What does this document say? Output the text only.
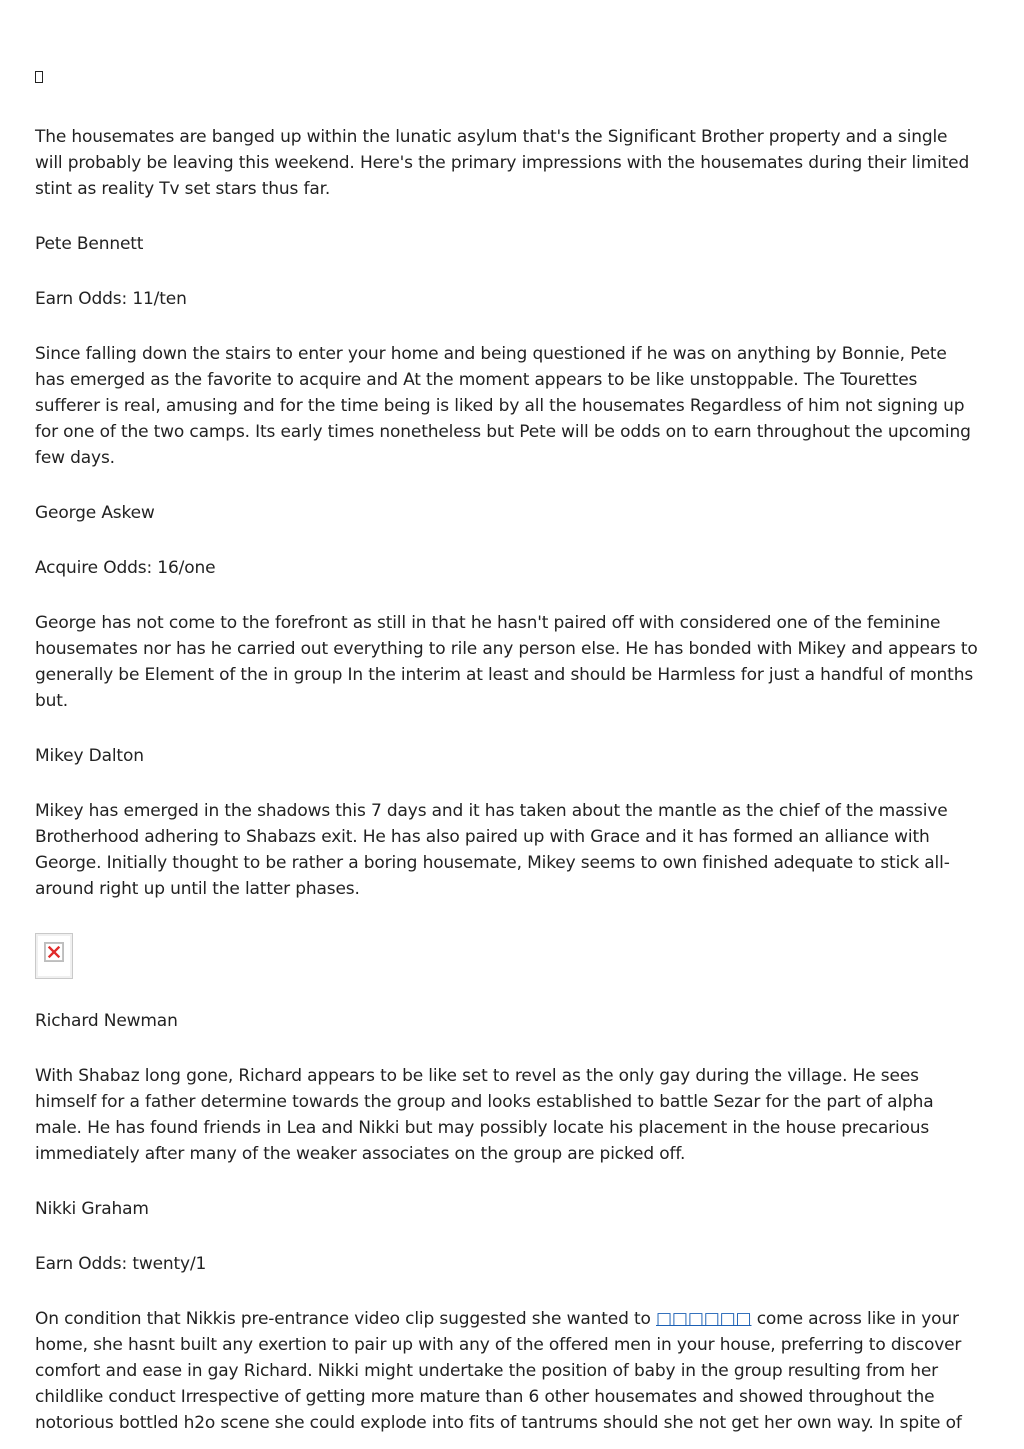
The housemates are banged up within the lunatic asylum that's the Significant Brother property and a single will probably be leaving this weekend. Here's the primary impressions with the housemates during their limited stint as reality Tv set stars thus far.

Pete Bennett

Earn Odds: 11/ten

Since falling down the stairs to enter your home and being questioned if he was on anything by Bonnie, Pete has emerged as the favorite to acquire and At the moment appears to be like unstoppable. The Tourettes sufferer is real, amusing and for the time being is liked by all the housemates Regardless of him not signing up for one of the two camps. Its early times nonetheless but Pete will be odds on to earn throughout the upcoming few days.

George Askew

Acquire Odds: 16/one

George has not come to the forefront as still in that he hasn't paired off with considered one of the feminine housemates nor has he carried out everything to rile any person else. He has bonded with Mikey and appears to generally be Element of the in group In the interim at least and should be Harmless for just a handful of months but.

Mikey Dalton

Mikey has emerged in the shadows this 7 days and it has taken about the mantle as the chief of the massive Brotherhood adhering to Shabazs exit. He has also paired up with Grace and it has formed an alliance with George. Initially thought to be rather a boring housemate, Mikey seems to own finished adequate to stick all-around right up until the latter phases.

Richard Newman

With Shabaz long gone, Richard appears to be like set to revel as the only gay during the village. He sees himself for a father determine towards the group and looks established to battle Sezar for the part of alpha male. He has found friends in Lea and Nikki but may possibly locate his placement in the house precarious immediately after many of the weaker associates on the group are picked off.

Nikki Graham

Earn Odds: twenty/1

On condition that Nikkis pre-entrance video clip suggested she wanted to □□□□□□ come across like in your home, she hasnt built any exertion to pair up with any of the offered men in your house, preferring to discover comfort and ease in gay Richard. Nikki might undertake the position of baby in the group resulting from her childlike conduct Irrespective of getting more mature than 6 other housemates and showed throughout the notorious bottled h2o scene she could explode into fits of tantrums should she not get her own way. In spite of
